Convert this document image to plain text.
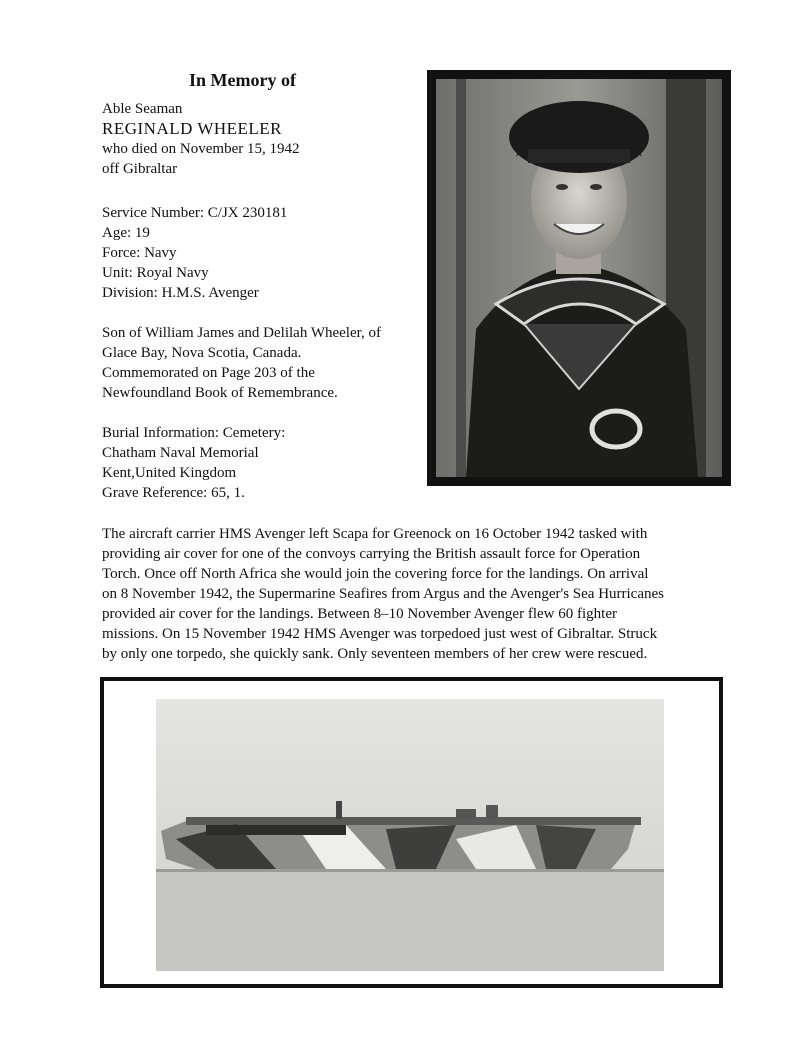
In Memory of
Able Seaman
REGINALD WHEELER
who died on November 15, 1942
off Gibraltar
Service Number: C/JX 230181
Age: 19
Force: Navy
Unit: Royal Navy
Division: H.M.S. Avenger
Son of William James and Delilah Wheeler, of
Glace Bay, Nova Scotia, Canada.
Commemorated on Page 203 of the
Newfoundland Book of Remembrance.
Burial Information: Cemetery:
Chatham Naval Memorial
Kent,United Kingdom
Grave Reference: 65, 1.
The aircraft carrier HMS Avenger left Scapa for Greenock on 16 October 1942 tasked with
providing air cover for one of the convoys carrying the British assault force for Operation
Torch. Once off North Africa she would join the covering force for the landings. On arrival
on 8 November 1942, the Supermarine Seafires from Argus and the Avenger's Sea Hurricanes
provided air cover for the landings. Between 8–10 November Avenger flew 60 fighter
missions. On 15 November 1942 HMS Avenger was torpedoed just west of Gibraltar. Struck
by only one torpedo, she quickly sank. Only seventeen members of her crew were rescued.
